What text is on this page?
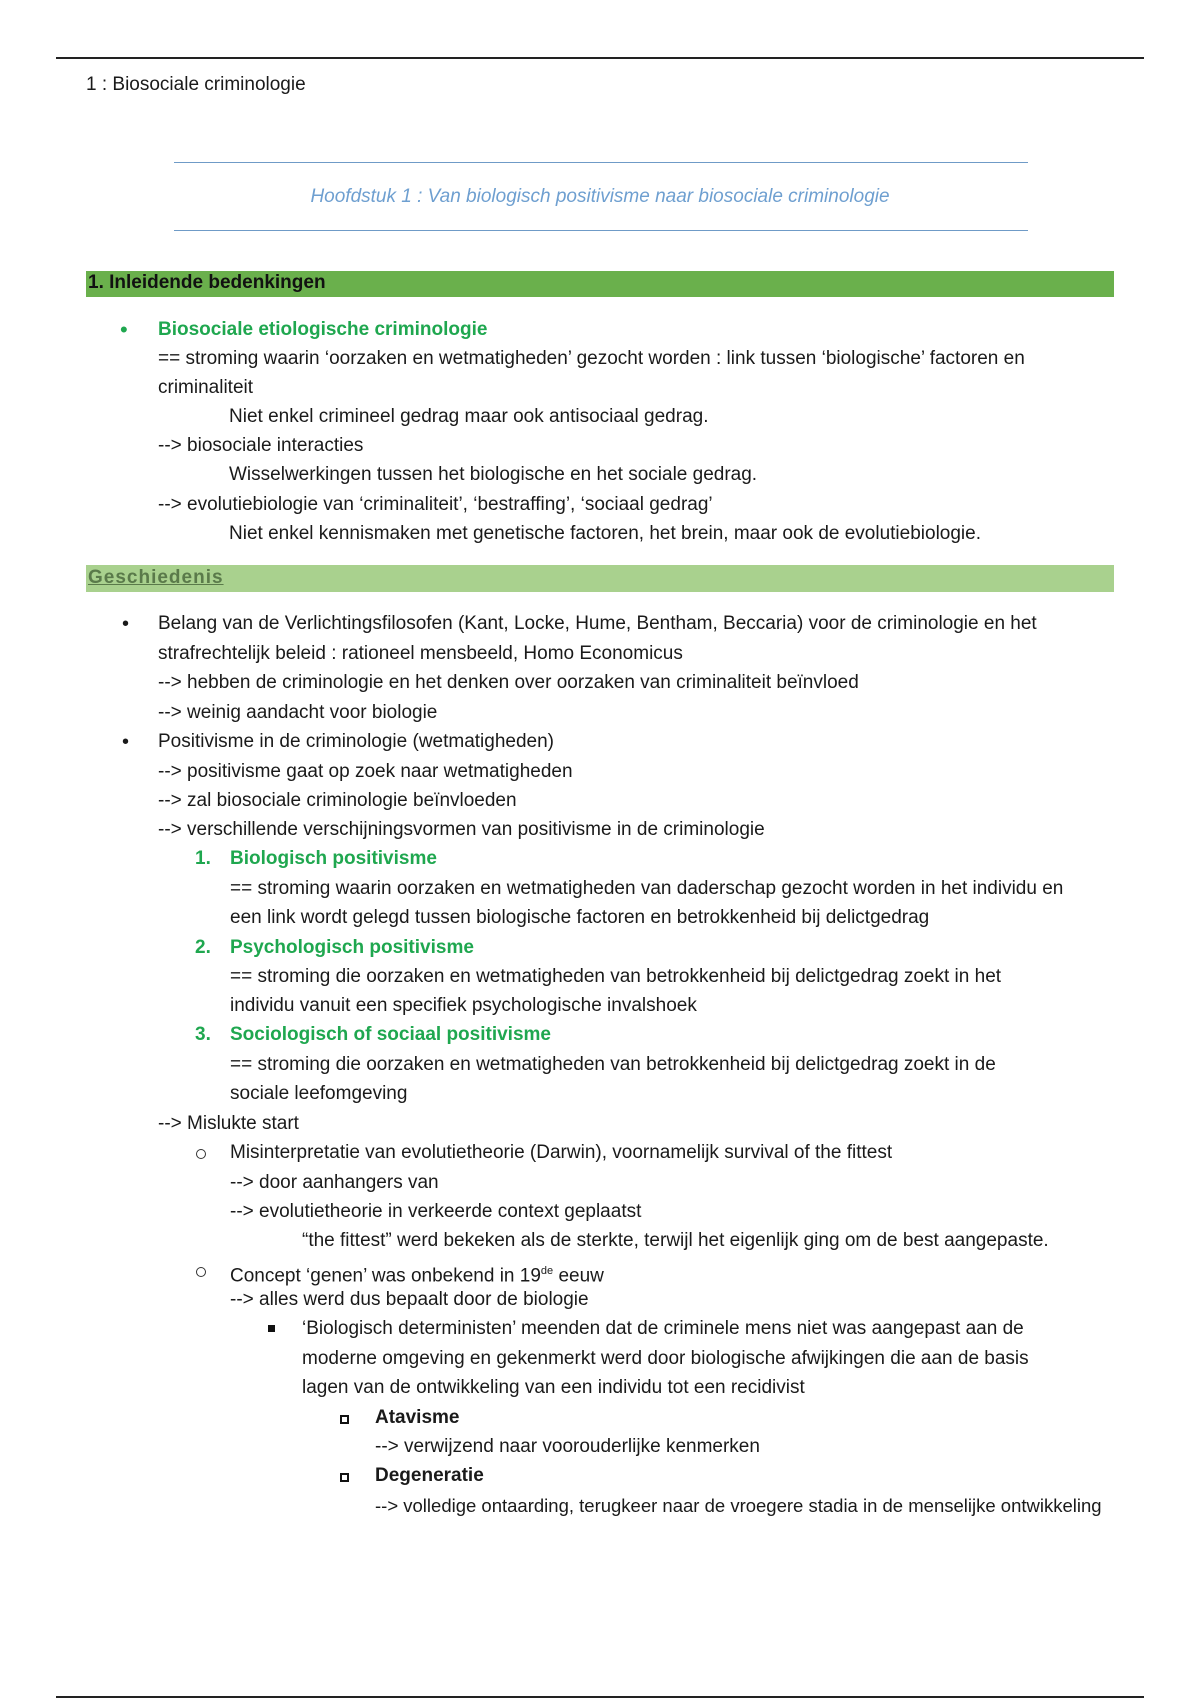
1 : Biosociale criminologie
Hoofdstuk 1 : Van biologisch positivisme naar biosociale criminologie
1. Inleidende bedenkingen
• Biosociale etiologische criminologie
== stroming waarin ‘oorzaken en wetmatigheden’ gezocht worden : link tussen ‘biologische’ factoren en
criminaliteit
Niet enkel crimineel gedrag maar ook antisociaal gedrag.
--> biosociale interacties
Wisselwerkingen tussen het biologische en het sociale gedrag.
--> evolutiebiologie van ‘criminaliteit’, ‘bestraffing’, ‘sociaal gedrag’
Niet enkel kennismaken met genetische factoren, het brein, maar ook de evolutiebiologie.
Geschiedenis
• Belang van de Verlichtingsfilosofen (Kant, Locke, Hume, Bentham, Beccaria) voor de criminologie en het
strafrechtelijk beleid : rationeel mensbeeld, Homo Economicus
--> hebben de criminologie en het denken over oorzaken van criminaliteit beïnvloed
--> weinig aandacht voor biologie
• Positivisme in de criminologie (wetmatigheden)
--> positivisme gaat op zoek naar wetmatigheden
--> zal biosociale criminologie beïnvloeden
--> verschillende verschijningsvormen van positivisme in de criminologie
1. Biologisch positivisme
== stroming waarin oorzaken en wetmatigheden van daderschap gezocht worden in het individu en
een link wordt gelegd tussen biologische factoren en betrokkenheid bij delictgedrag
2. Psychologisch positivisme
== stroming die oorzaken en wetmatigheden van betrokkenheid bij delictgedrag zoekt in het
individu vanuit een specifiek psychologische invalshoek
3. Sociologisch of sociaal positivisme
== stroming die oorzaken en wetmatigheden van betrokkenheid bij delictgedrag zoekt in de
sociale leefomgeving
--> Mislukte start
Misinterpretatie van evolutietheorie (Darwin), voornamelijk survival of the fittest
--> door aanhangers van
--> evolutietheorie in verkeerde context geplaatst
“the fittest” werd bekeken als de sterkte, terwijl het eigenlijk ging om de best aangepaste.
Concept ‘genen’ was onbekend in 19de eeuw
--> alles werd dus bepaalt door de biologie
‘Biologisch deterministen’ meenden dat de criminele mens niet was aangepast aan de
moderne omgeving en gekenmerkt werd door biologische afwijkingen die aan de basis
lagen van de ontwikkeling van een individu tot een recidivist
Atavisme
--> verwijzend naar voorouderlijke kenmerken
Degeneratie
--> volledige ontaarding, terugkeer naar de vroegere stadia in de menselijke ontwikkeling
